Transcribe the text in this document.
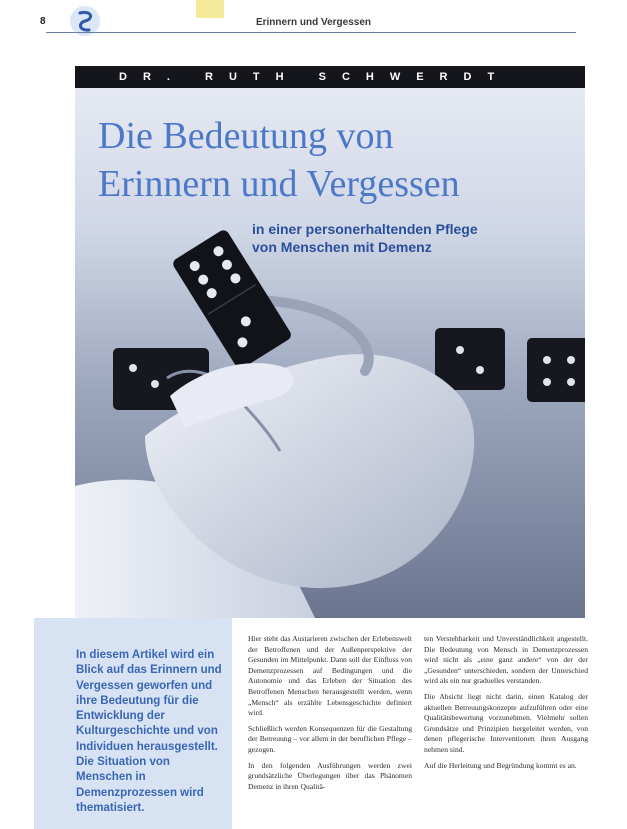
8	Erinnern und Vergessen
DR. RUTH SCHWERDT
Die Bedeutung von
Erinnern und Vergessen
in einer personerhaltenden Pflege
von Menschen mit Demenz

In diesem Artikel wird ein Blick auf das Erinnern und Vergessen geworfen und ihre Bedeutung für die Entwicklung der Kulturgeschichte und von Individuen herausgestellt. Die Situation von Menschen in Demenzprozessen wird thematisiert.

Hier steht das Austarieren zwischen der Erlebenswelt der Betroffenen und der Außenperspektive der Gesunden im Mittelpunkt. Dann soll der Einfluss von Demenzprozessen auf Bedingungen und die Autonomie und das Erleben der Situation des Betroffenen Menschen herausgestellt werden, wenn „Mensch“ als erzählte Lebensgeschichte definiert wird.

Schließlich werden Konsequenzen für die Gestaltung der Betreuung – vor allem in der beruflichen Pflege – gezogen.

In den folgenden Ausführungen werden zwei grundsätzliche Überlegungen über das Phänomen Demenz in ihren Qualitä-

ten Verstehbarkeit und Unverständlichkeit angestellt. Die Bedeutung von Mensch in Demenzprozessen wird nicht als „eine ganz andere“ von der der „Gesunden“ unterschieden, sondern der Unterschied wird als ein nur graduelles verstanden.

Die Absicht liegt nicht darin, einen Katalog der aktuellen Betreuungskonzepte aufzuführen oder eine Qualitätsbewertung vorzunehmen. Vielmehr sollen Grundsätze und Prinzipien hergeleitet werden, von denen pflegerische Interventionen ihren Ausgang nehmen sind.

Auf die Herleitung und Begründung kommt es an.
